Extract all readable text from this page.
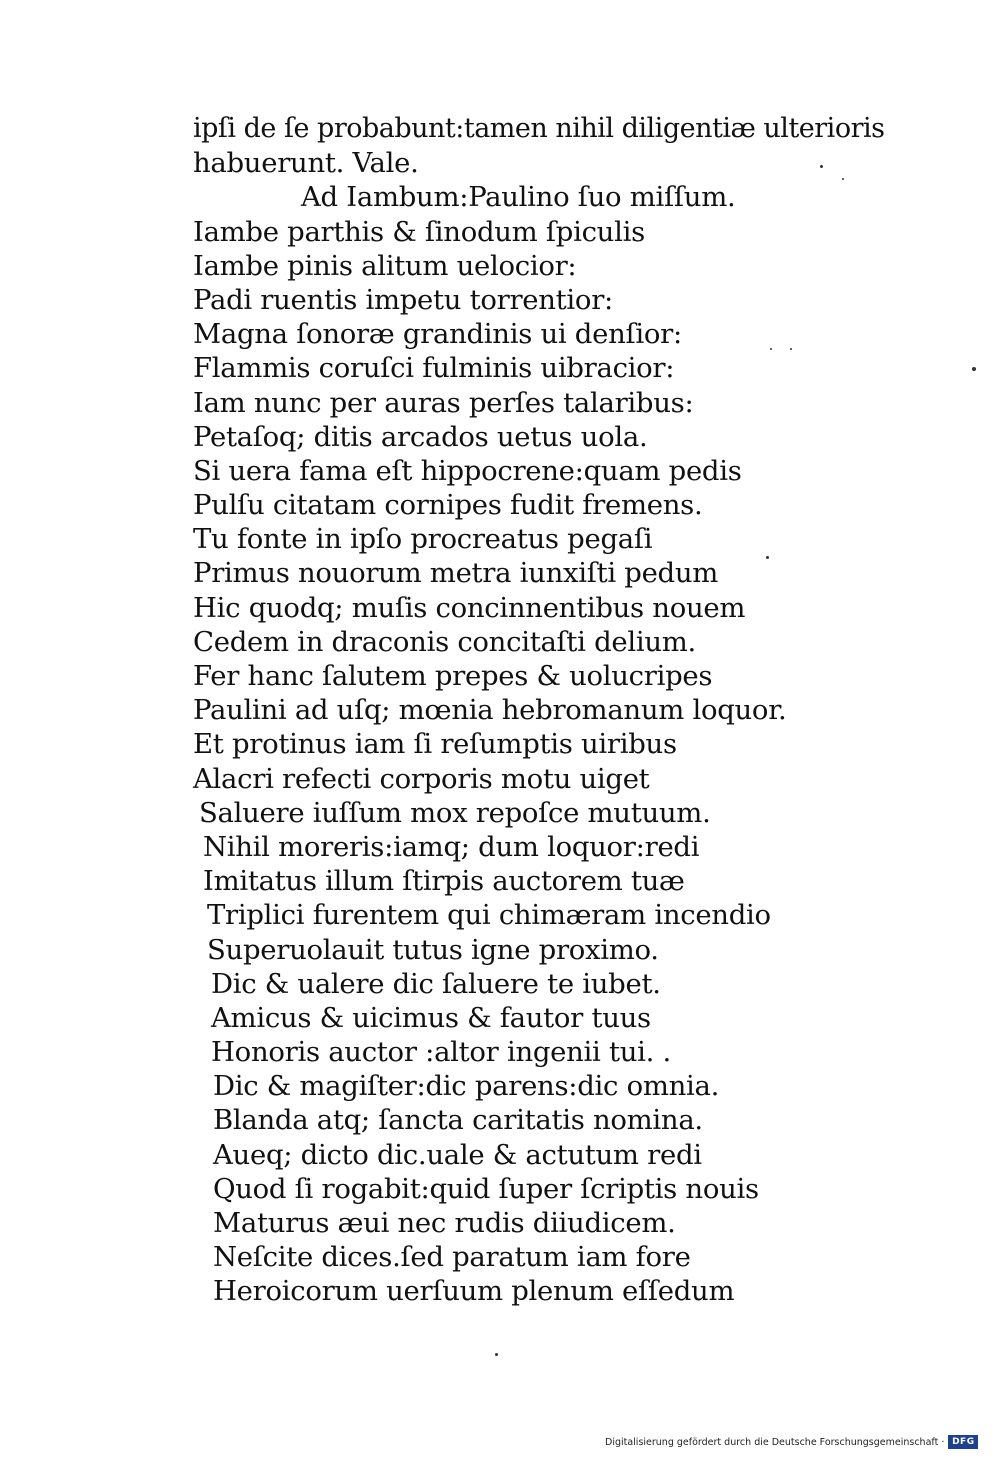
ipſi de ſe probabunt:tamen nihil diligentiæ ulterioris
habuerunt. Vale.
Ad Iambum:Paulino ſuo miſſum.
Iambe parthis & ſinodum ſpiculis
Iambe pinis alitum uelocior:
Padi ruentis impetu torrentior:
Magna ſonoræ grandinis ui denſior:
Flammis coruſci fulminis uibracior:
Iam nunc per auras perſes talaribus:
Petaſoq; ditis arcados uetus uola.
Si uera fama eſt hippocrene:quam pedis
Pulſu citatam cornipes fudit fremens.
Tu fonte in ipſo procreatus pegaſi
Primus nouorum metra iunxiſti pedum
Hic quodq; muſis concinnentibus nouem
Cedem in draconis concitaſti delium.
Fer hanc ſalutem prepes & uolucripes
Paulini ad uſq; mœnia hebromanum loquor.
Et protinus iam ſi reſumptis uiribus
Alacri refecti corporis motu uiget
Saluere iuſſum mox repoſce mutuum.
Nihil moreris:iamq; dum loquor:redi
Imitatus illum ſtirpis auctorem tuæ
Triplici furentem qui chimæram incendio
Superuolauit tutus igne proximo.
Dic & ualere dic ſaluere te iubet.
Amicus & uicimus & fautor tuus
Honoris auctor :altor ingenii tui. .
Dic & magiſter:dic parens:dic omnia.
Blanda atq; ſancta caritatis nomina.
Aueq; dicto dic.uale & actutum redi
Quod ſi rogabit:quid ſuper ſcriptis nouis
Maturus æui nec rudis diiudicem.
Neſcite dices.ſed paratum iam fore
Heroicorum uerſuum plenum eſſedum
Digitalisierung gefördert durch die Deutsche Forschungsgemeinschaft · DFG
